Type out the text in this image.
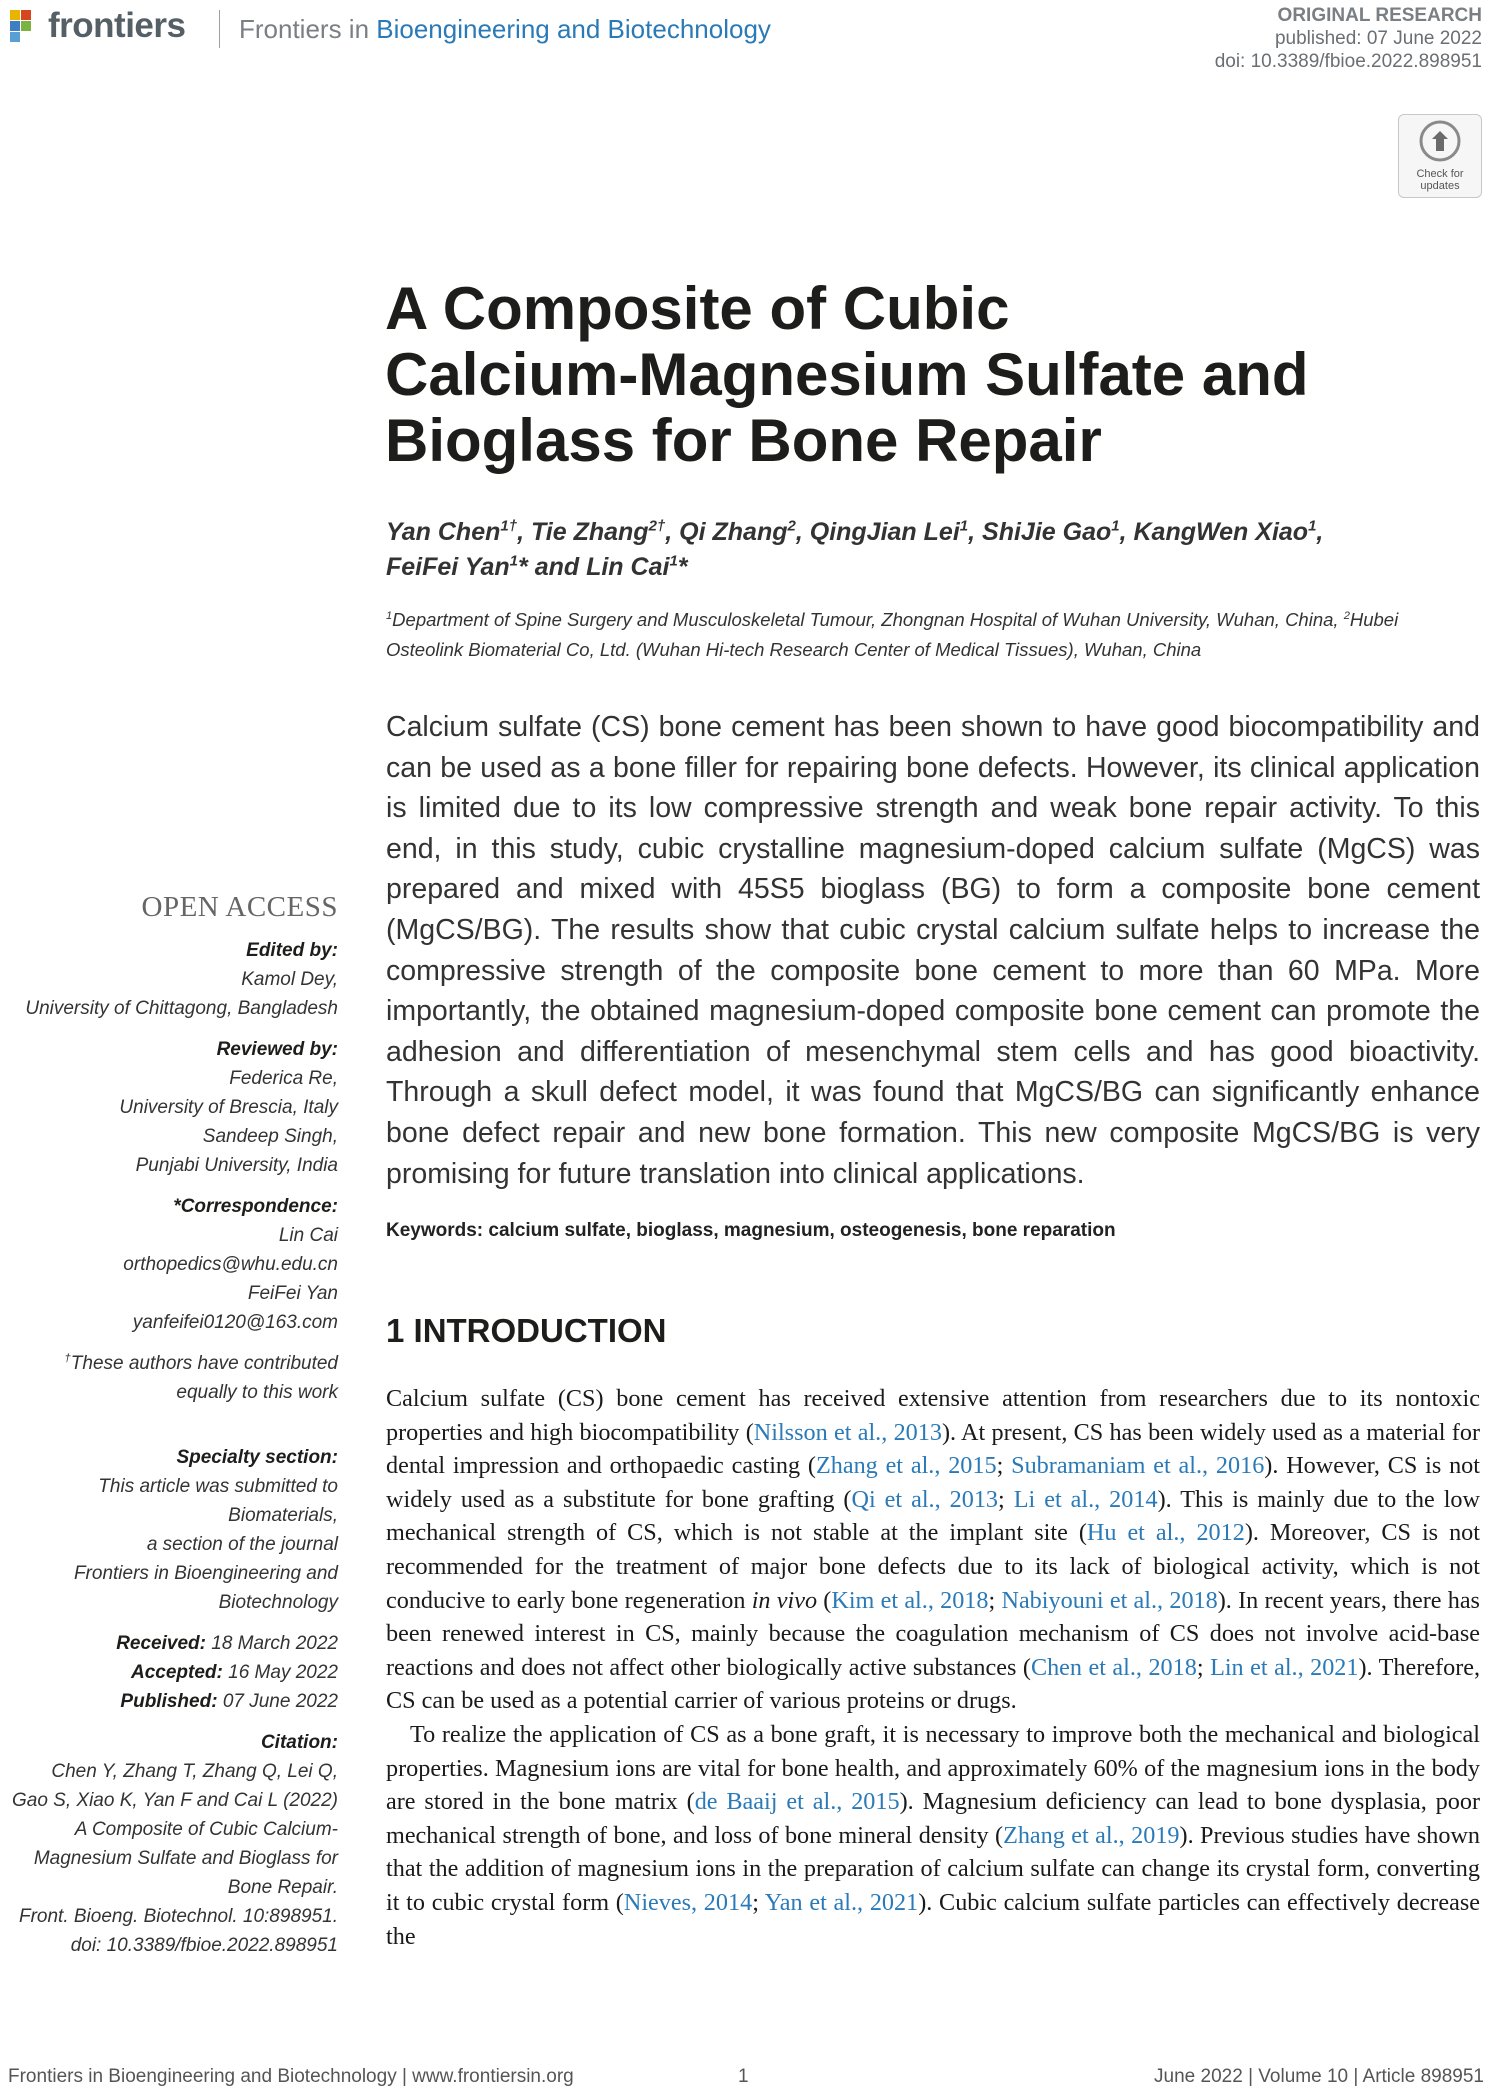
frontiers Frontiers in Bioengineering and Biotechnology	ORIGINAL RESEARCH
published: 07 June 2022
doi: 10.3389/fbioe.2022.898951
Check for
updates
A Composite of Cubic
Calcium-Magnesium Sulfate and
Bioglass for Bone Repair
Yan Chen$^{1\dagger}$, Tie Zhang$^{2\dagger}$, Qi Zhang$^2$, QingJian Lei$^1$, ShiJie Gao$^1$, KangWen Xiao$^1$,
FeiFei Yan$^1$* and Lin Cai$^1$*
$^1$Department of Spine Surgery and Musculoskeletal Tumour, Zhongnan Hospital of Wuhan University, Wuhan, China, $^2$Hubei Osteolink Biomaterial Co, Ltd. (Wuhan Hi-tech Research Center of Medical Tissues), Wuhan, China
Calcium sulfate (CS) bone cement has been shown to have good biocompatibility and can be used as a bone filler for repairing bone defects. However, its clinical application is limited due to its low compressive strength and weak bone repair activity. To this end, in this study, cubic crystalline magnesium-doped calcium sulfate (MgCS) was prepared and mixed with 45S5 bioglass (BG) to form a composite bone cement (MgCS/BG). The results show that cubic crystal calcium sulfate helps to increase the compressive strength of the composite bone cement to more than 60 MPa. More importantly, the obtained magnesium-doped composite bone cement can promote the adhesion and differentiation of mesenchymal stem cells and has good bioactivity. Through a skull defect model, it was found that MgCS/BG can significantly enhance bone defect repair and new bone formation. This new composite MgCS/BG is very promising for future translation into clinical applications.
Keywords: calcium sulfate, bioglass, magnesium, osteogenesis, bone reparation
OPEN ACCESS
Edited by:
Kamol Dey,
University of Chittagong, Bangladesh
Reviewed by:
Federica Re,
University of Brescia, Italy
Sandeep Singh,
Punjabi University, India
*Correspondence:
Lin Cai
orthopedics@whu.edu.cn
FeiFei Yan
yanfeifei0120@163.com
†These authors have contributed
equally to this work
Specialty section:
This article was submitted to
Biomaterials,
a section of the journal
Frontiers in Bioengineering and
Biotechnology
Received: 18 March 2022
Accepted: 16 May 2022
Published: 07 June 2022
Citation:
Chen Y, Zhang T, Zhang Q, Lei Q,
Gao S, Xiao K, Yan F and Cai L (2022)
A Composite of Cubic Calcium-
Magnesium Sulfate and Bioglass for
Bone Repair.
Front. Bioeng. Biotechnol. 10:898951.
doi: 10.3389/fbioe.2022.898951
1 INTRODUCTION

Calcium sulfate (CS) bone cement has received extensive attention from researchers due to its nontoxic properties and high biocompatibility (Nilsson et al., 2013). At present, CS has been widely used as a material for dental impression and orthopaedic casting (Zhang et al., 2015; Subramaniam et al., 2016). However, CS is not widely used as a substitute for bone grafting (Qi et al., 2013; Li et al., 2014). This is mainly due to the low mechanical strength of CS, which is not stable at the implant site (Hu et al., 2012). Moreover, CS is not recommended for the treatment of major bone defects due to its lack of biological activity, which is not conducive to early bone regeneration in vivo (Kim et al., 2018; Nabiyouni et al., 2018). In recent years, there has been renewed interest in CS, mainly because the coagulation mechanism of CS does not involve acid-base reactions and does not affect other biologically active substances (Chen et al., 2018; Lin et al., 2021). Therefore, CS can be used as a potential carrier of various proteins or drugs.

To realize the application of CS as a bone graft, it is necessary to improve both the mechanical and biological properties. Magnesium ions are vital for bone health, and approximately 60% of the magnesium ions in the body are stored in the bone matrix (de Baaij et al., 2015). Magnesium deficiency can lead to bone dysplasia, poor mechanical strength of bone, and loss of bone mineral density (Zhang et al., 2019). Previous studies have shown that the addition of magnesium ions in the preparation of calcium sulfate can change its crystal form, converting it to cubic crystal form (Nieves, 2014; Yan et al., 2021). Cubic calcium sulfate particles can effectively decrease the

Frontiers in Bioengineering and Biotechnology | www.frontiersin.org	1	June 2022 | Volume 10 | Article 898951
